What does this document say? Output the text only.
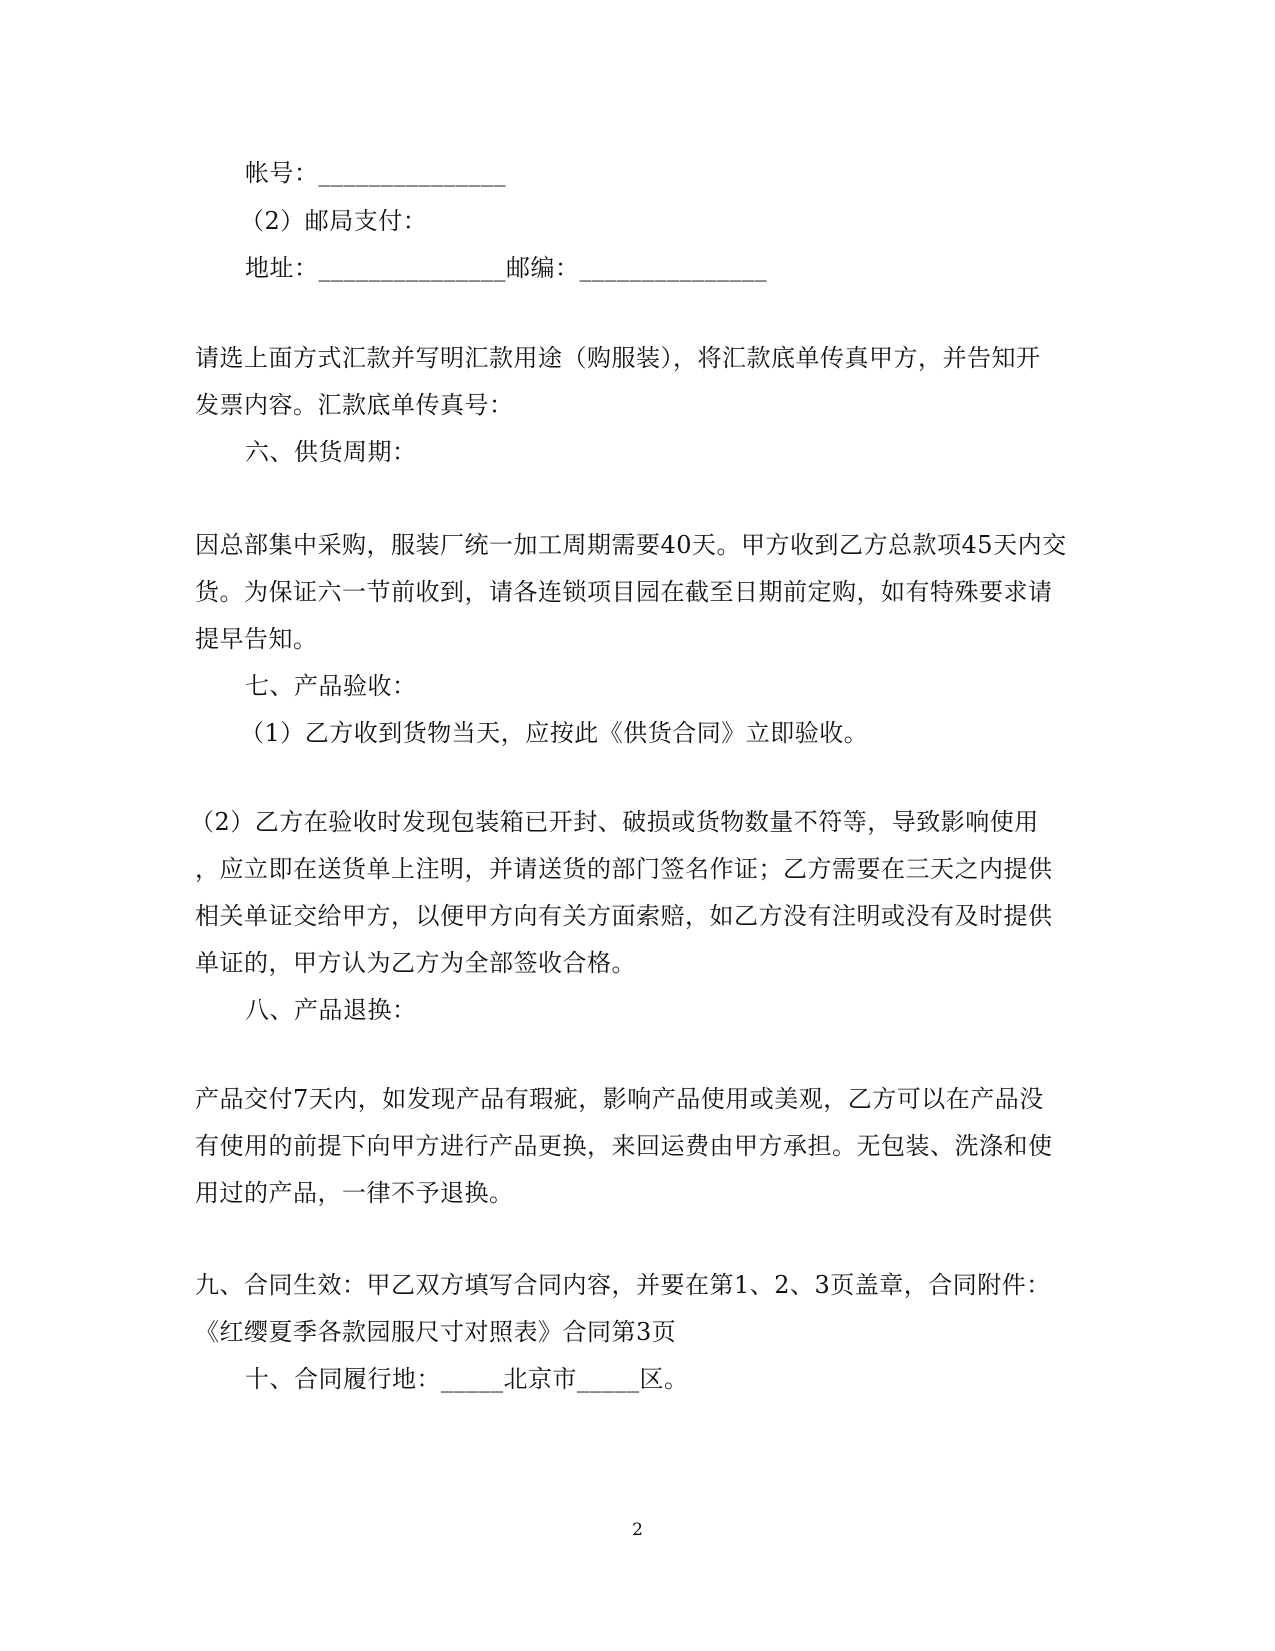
帐号：_______________
（2）邮局支付：
地址：_______________邮编：_______________
请选上面方式汇款并写明汇款用途（购服装），将汇款底单传真甲方，并告知开
发票内容。汇款底单传真号：
六、供货周期：
因总部集中采购，服装厂统一加工周期需要40天。甲方收到乙方总款项45天内交
货。为保证六一节前收到，请各连锁项目园在截至日期前定购，如有特殊要求请
提早告知。
七、产品验收：
（1）乙方收到货物当天，应按此《供货合同》立即验收。
（2）乙方在验收时发现包装箱已开封、破损或货物数量不符等，导致影响使用
，应立即在送货单上注明，并请送货的部门签名作证；乙方需要在三天之内提供
相关单证交给甲方，以便甲方向有关方面索赔，如乙方没有注明或没有及时提供
单证的，甲方认为乙方为全部签收合格。
八、产品退换：
产品交付7天内，如发现产品有瑕疵，影响产品使用或美观，乙方可以在产品没
有使用的前提下向甲方进行产品更换，来回运费由甲方承担。无包装、洗涤和使
用过的产品，一律不予退换。
九、合同生效：甲乙双方填写合同内容，并要在第1、2、3页盖章，合同附件：
《红缨夏季各款园服尺寸对照表》合同第3页
十、合同履行地：_____北京市_____区。
2
